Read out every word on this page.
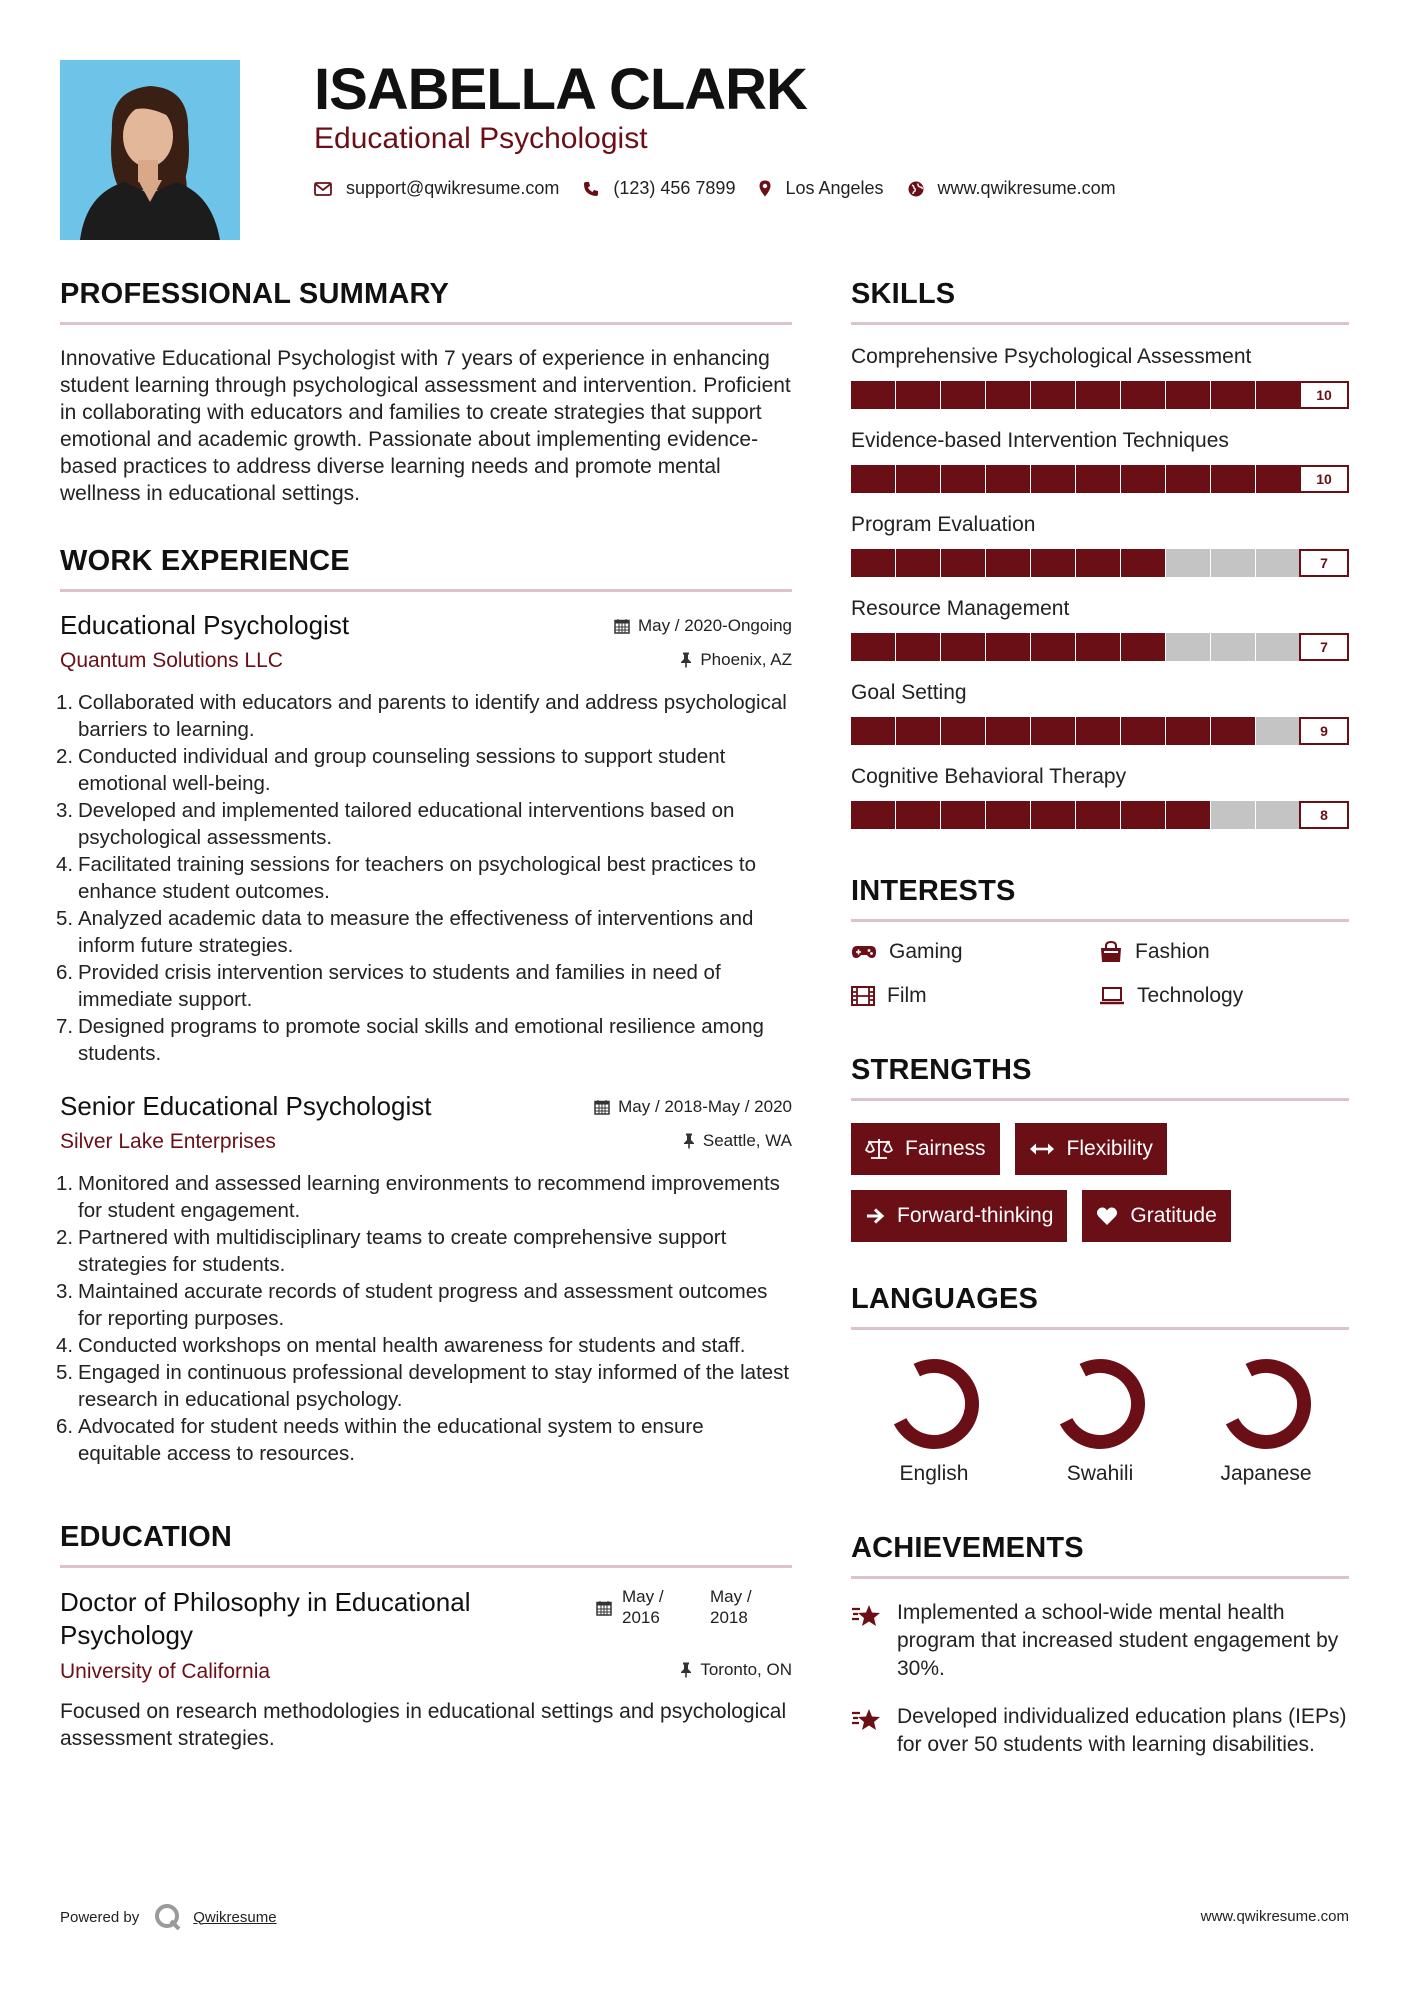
ISABELLA CLARK
Educational Psychologist
support@qwikresume.com	(123) 456 7899	Los Angeles	www.qwikresume.com
PROFESSIONAL SUMMARY

Innovative Educational Psychologist with 7 years of experience in enhancing student learning through psychological assessment and intervention. Proficient in collaborating with educators and families to create strategies that support emotional and academic growth. Passionate about implementing evidence-based practices to address diverse learning needs and promote mental wellness in educational settings.

WORK EXPERIENCE
Educational Psychologist
Quantum Solutions LLC
May / 2020-Ongoing
Phoenix, AZ
1. Collaborated with educators and parents to identify and address psychological barriers to learning.
2. Conducted individual and group counseling sessions to support student emotional well-being.
3. Developed and implemented tailored educational interventions based on psychological assessments.
4. Facilitated training sessions for teachers on psychological best practices to enhance student outcomes.
5. Analyzed academic data to measure the effectiveness of interventions and inform future strategies.
6. Provided crisis intervention services to students and families in need of immediate support.
7. Designed programs to promote social skills and emotional resilience among students.
Senior Educational Psychologist
Silver Lake Enterprises
May / 2018-May / 2020
Seattle, WA
1. Monitored and assessed learning environments to recommend improvements for student engagement.
2. Partnered with multidisciplinary teams to create comprehensive support strategies for students.
3. Maintained accurate records of student progress and assessment outcomes for reporting purposes.
4. Conducted workshops on mental health awareness for students and staff.
5. Engaged in continuous professional development to stay informed of the latest research in educational psychology.
6. Advocated for student needs within the educational system to ensure equitable access to resources.
EDUCATION
Doctor of Philosophy in Educational Psychology
University of California
May / 2016
May / 2018
Toronto, ON

Focused on research methodologies in educational settings and psychological assessment strategies.

SKILLS
Comprehensive Psychological Assessment
10
Evidence-based Intervention Techniques
10
Program Evaluation
7
Resource Management
7
Goal Setting
9
Cognitive Behavioral Therapy
8
INTERESTS
Gaming	Fashion
Film	Technology
STRENGTHS
Fairness	Flexibility
Forward-thinking	Gratitude
LANGUAGES
English	Swahili	Japanese
ACHIEVEMENTS
Implemented a school-wide mental health program that increased student engagement by 30%.
Developed individualized education plans (IEPs) for over 50 students with learning disabilities.
Powered by	Qwikresume	www.qwikresume.com
